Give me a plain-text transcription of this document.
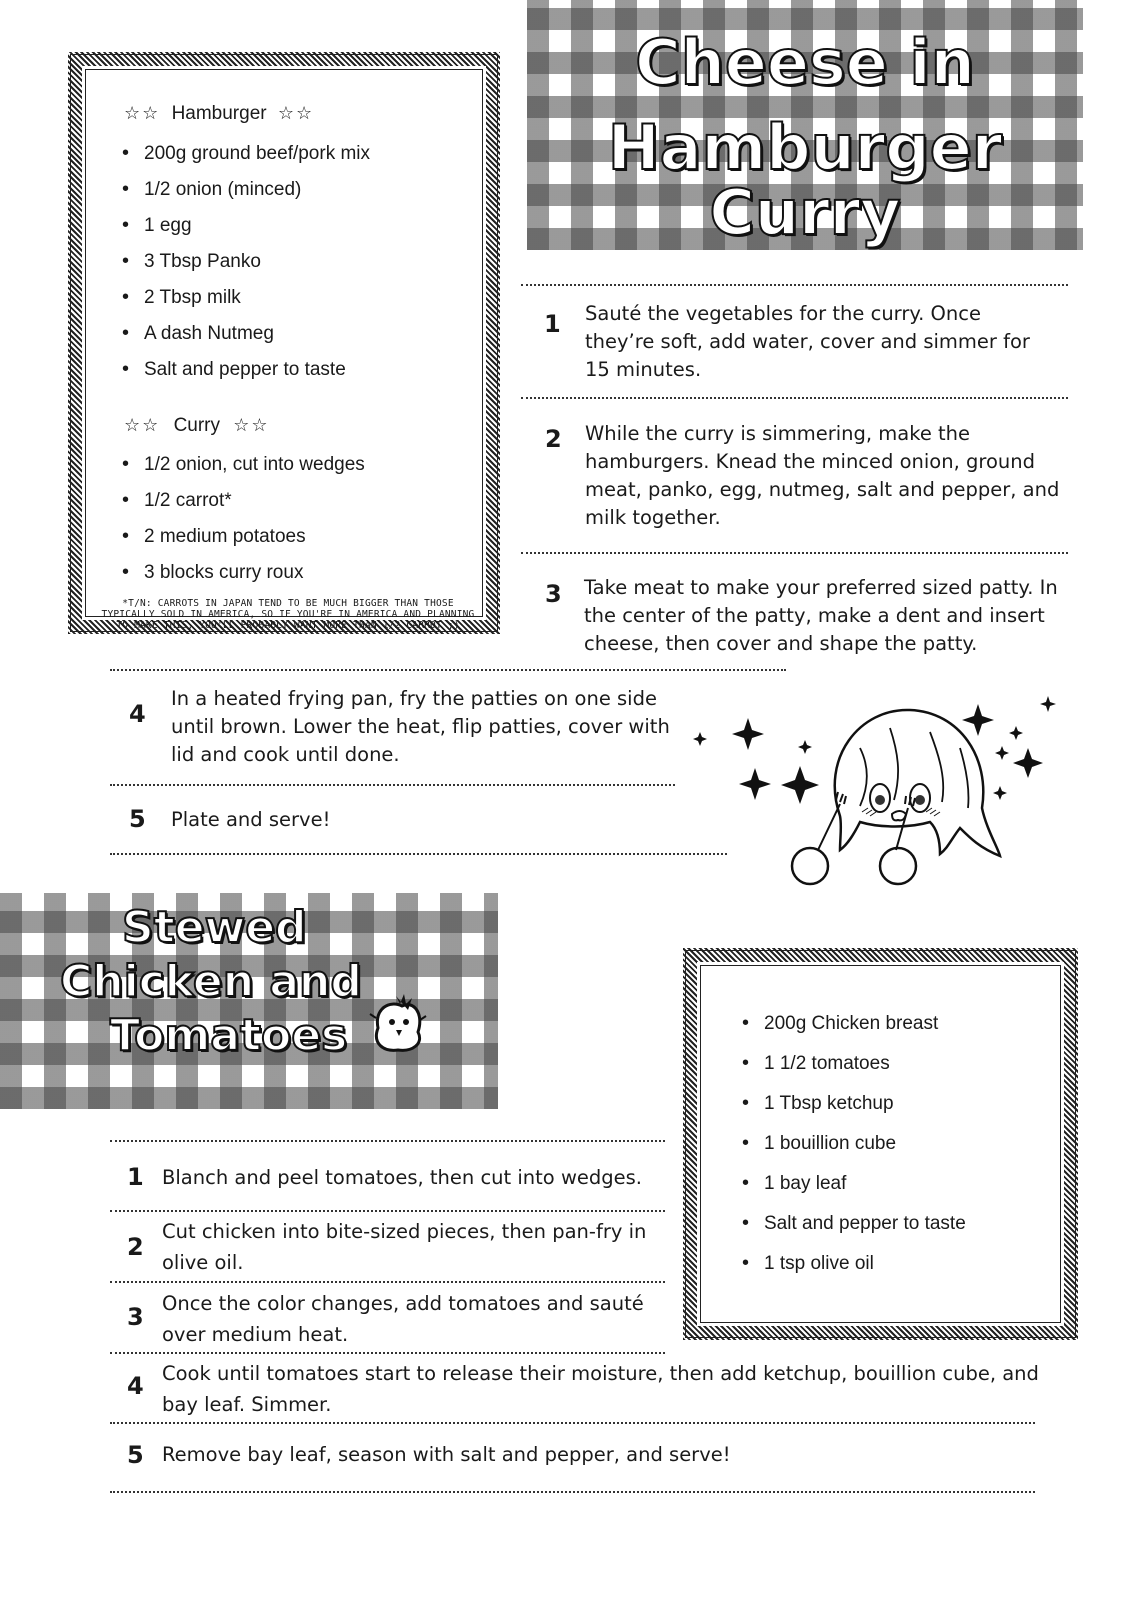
Cheese in
Hamburger Curry
☆☆ Hamburger ☆☆
• 200g ground beef/pork mix
• 1/2 onion (minced)
• 1 egg
• 3 Tbsp Panko
• 2 Tbsp milk
• A dash Nutmeg
• Salt and pepper to taste
☆☆ Curry ☆☆
• 1/2 onion, cut into wedges
• 1/2 carrot*
• 2 medium potatoes
• 3 blocks curry roux
*T/N: CARROTS IN JAPAN TEND TO BE MUCH BIGGER THAN THOSE
TYPICALLY SOLD IN AMERICA, SO IF YOU'RE IN AMERICA AND PLANNING
TO MAKE THIS, YOU'LL PROBABLY WANT MORE THAN 1/2 CARROT ;)
1 Sauté the vegetables for the curry. Once they’re soft, add water, cover and simmer for 15 minutes.
2 While the curry is simmering, make the hamburgers. Knead the minced onion, ground meat, panko, egg, nutmeg, salt and pepper, and milk together.
3 Take meat to make your preferred sized patty. In the center of the patty, make a dent and insert cheese, then cover and shape the patty.
4
In a heated frying pan, fry the patties on one side until brown. Lower the heat, flip patties, cover with lid and cook until done.
5 Plate and serve!
Stewed
Chicken and
Tomatoes
•	200g Chicken breast
• 1 1/2 tomatoes
• 1 Tbsp ketchup
• 1 bouillion cube
• 1 bay leaf
• Salt and pepper to taste
• 1 tsp olive oil
1 Blanch and peel tomatoes, then cut into wedges.
2
Cut chicken into bite-sized pieces, then pan-fry in olive oil.
3 Once the color changes, add tomatoes and sauté over medium heat.
4 Cook until tomatoes start to release their moisture, then add ketchup, bouillion cube, and bay leaf. Simmer.
5 Remove bay leaf, season with salt and pepper, and serve!
